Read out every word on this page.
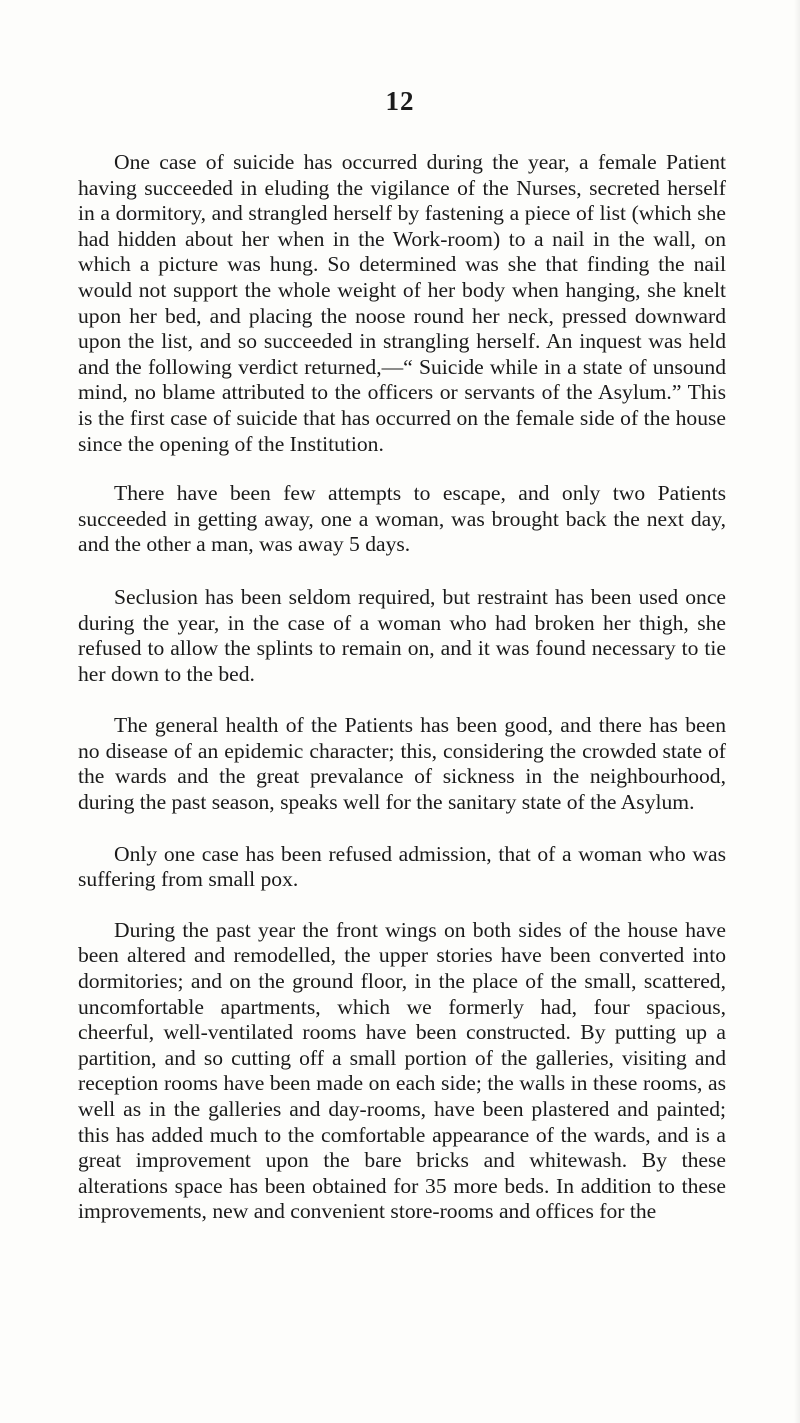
12

One case of suicide has occurred during the year, a female Patient having succeeded in eluding the vigilance of the Nurses, secreted herself in a dormitory, and strangled herself by fastening a piece of list (which she had hidden about her when in the Work-room) to a nail in the wall, on which a picture was hung. So determined was she that finding the nail would not support the whole weight of her body when hanging, she knelt upon her bed, and placing the noose round her neck, pressed downward upon the list, and so succeeded in strangling herself. An inquest was held and the following verdict returned,—“ Suicide while in a state of unsound mind, no blame attributed to the officers or servants of the Asylum.” This is the first case of suicide that has occurred on the female side of the house since the opening of the Institution.

There have been few attempts to escape, and only two Patients succeeded in getting away, one a woman, was brought back the next day, and the other a man, was away 5 days.

Seclusion has been seldom required, but restraint has been used once during the year, in the case of a woman who had broken her thigh, she refused to allow the splints to remain on, and it was found necessary to tie her down to the bed.

The general health of the Patients has been good, and there has been no disease of an epidemic character; this, considering the crowded state of the wards and the great prevalance of sickness in the neighbourhood, during the past season, speaks well for the sanitary state of the Asylum.

Only one case has been refused admission, that of a woman who was suffering from small pox.

During the past year the front wings on both sides of the house have been altered and remodelled, the upper stories have been converted into dormitories; and on the ground floor, in the place of the small, scattered, uncomfortable apartments, which we formerly had, four spacious, cheerful, well-ventilated rooms have been constructed. By putting up a partition, and so cutting off a small portion of the galleries, visiting and reception rooms have been made on each side; the walls in these rooms, as well as in the galleries and day-rooms, have been plastered and painted; this has added much to the comfortable appearance of the wards, and is a great improvement upon the bare bricks and whitewash. By these alterations space has been obtained for 35 more beds. In addition to these improvements, new and convenient store-rooms and offices for the
